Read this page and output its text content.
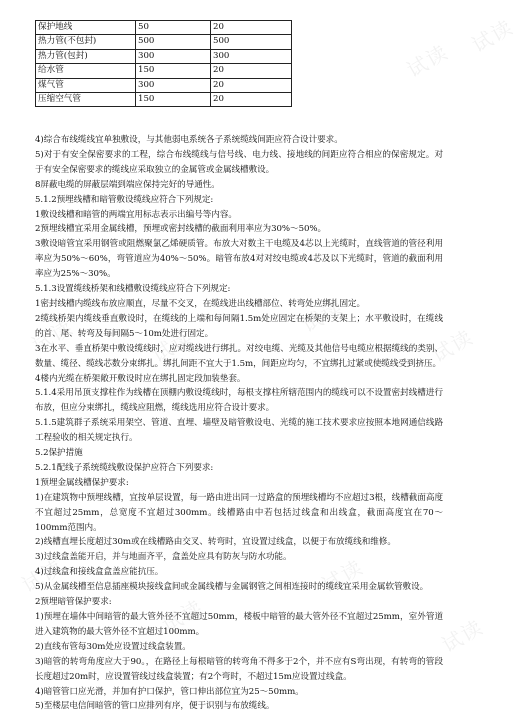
试读
试读
试读	试读
试读
试读
试读
试读
试读
试读
保护地线	50	20
热力管(不包封)	500	500
热力管(包封)	300	300
给水管	150	20
煤气管	300	20
压缩空气管	150	20

4)综合布线缆线宜单独敷设，与其他弱电系统各子系统缆线间距应符合设计要求。

5)对于有安全保密要求的工程，综合布线缆线与信号线、电力线、接地线的间距应符合相应的保密规定。对于有安全保密要求的缆线应采取独立的金属管或金属线槽敷设。

8屏蔽电缆的屏蔽层端到端应保持完好的导通性。

5.1.2预埋线槽和暗管敷设缆线应符合下列规定:

1敷设线槽和暗管的两端宜用标志表示出编号等内容。

2预埋线槽宜采用金属线槽，预埋或密封线槽的截面利用率应为30%～50%。

3敷设暗管宜采用钢管或阻燃聚氯乙烯硬质管。布放大对数主干电缆及4芯以上光缆时，直线管道的管径利用率应为50%～60%，弯管道应为40%～50%。暗管布放4对对绞电缆或4芯及以下光缆时，管道的截面利用率应为25%～30%。

5.1.3设置缆线桥架和线槽敷设缆线应符合下列规定:

1密封线槽内缆线布放应顺直，尽量不交叉，在缆线进出线槽部位、转弯处应绑扎固定。

2缆线桥架内缆线垂直敷设时，在缆线的上端和每间隔1.5m处应固定在桥架的支架上；水平敷设时，在缆线的首、尾、转弯及每间隔5～10m处进行固定。

3在水平、垂直桥架中敷设缆线时，应对缆线进行绑扎。对绞电缆、光缆及其他信号电缆应根据缆线的类别、数量、缆径、缆线芯数分束绑扎。绑扎间距不宜大于1.5m，间距应均匀，不宜绑扎过紧或使缆线受到挤压。

4楼内光缆在桥架敞开敷设时应在绑扎固定段加装垫套。

5.1.4采用吊顶支撑柱作为线槽在顶棚内敷设缆线时，每根支撑柱所辖范围内的缆线可以不设置密封线槽进行布放，但应分束绑扎，缆线应阻燃，缆线选用应符合设计要求。

5.1.5建筑群子系统采用架空、管道、直埋、墙壁及暗管敷设电、光缆的施工技术要求应按照本地网通信线路工程验收的相关规定执行。

5.2保护措施

5.2.1配线子系统缆线敷设保护应符合下列要求:

1预埋金属线槽保护要求:

1)在建筑物中预埋线槽，宜按单层设置，每一路由进出同一过路盒的预埋线槽均不应超过3根，线槽截面高度不宜超过25mm，总宽度不宜超过300mm。线槽路由中若包括过线盒和出线盒，截面高度宜在70～100mm范围内。

2)线槽直埋长度超过30m或在线槽路由交叉、转弯时，宜设置过线盒，以便于布放缆线和维修。

3)过线盒盖能开启，并与地面齐平，盒盖处应具有防灰与防水功能。

4)过线盒和接线盒盒盖应能抗压。

5)从金属线槽至信息插座模块接线盒间或金属线槽与金属钢管之间相连接时的缆线宜采用金属软管敷设。

2预埋暗管保护要求:

1)预埋在墙体中间暗管的最大管外径不宜超过50mm，楼板中暗管的最大管外径不宜超过25mm，室外管道进入建筑物的最大管外径不宜超过100mm。

2)直线布管每30m处应设置过线盒装置。

3)暗管的转弯角度应大于90。，在路径上每根暗管的转弯角不得多于2个，并不应有S弯出现，有转弯的管段长度超过20m时，应设置管线过线盒装置；有2个弯时，不超过15m应设置过线盒。

4)暗管管口应光滑，并加有护口保护，管口伸出部位宜为25～50mm。

5)至楼层电信间暗管的管口应排列有序，便于识别与布放缆线。
